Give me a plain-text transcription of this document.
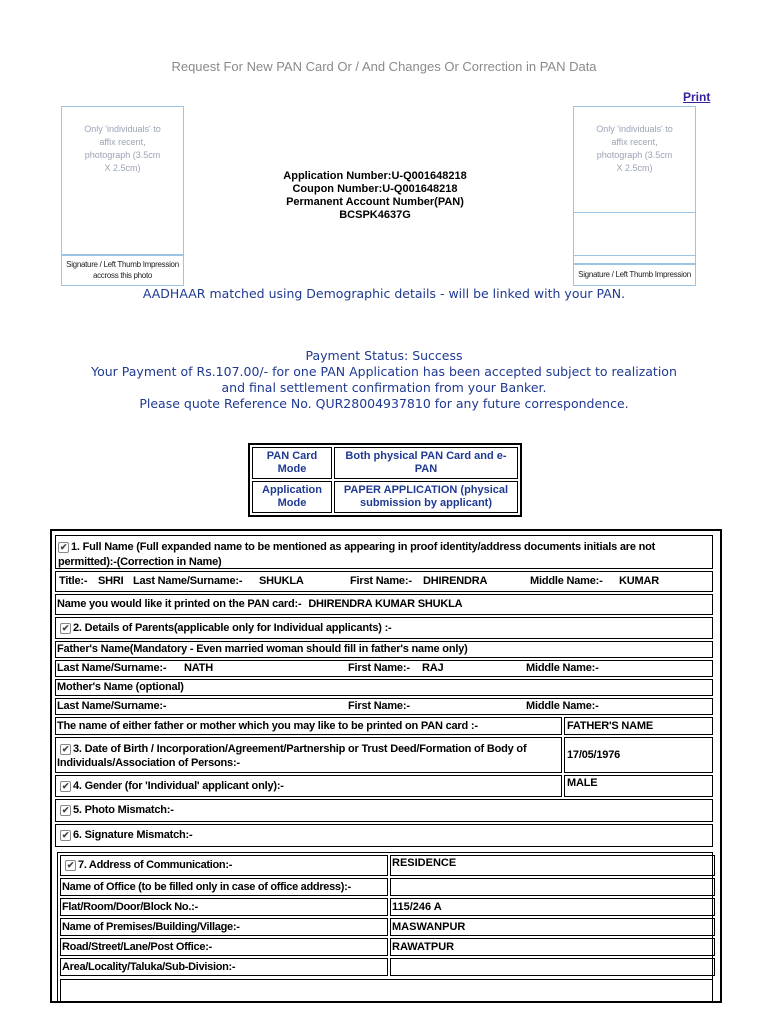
Request For New PAN Card Or / And Changes Or Correction in PAN Data
Print
Only 'individuals' to affix recent, photograph (3.5cm X 2.5cm)
Signature / Left Thumb Impression accross this photo
Only 'individuals' to affix recent, photograph (3.5cm X 2.5cm)
Signature / Left Thumb Impression
Application Number:U-Q001648218
Coupon Number:U-Q001648218
Permanent Account Number(PAN)
BCSPK4637G
AADHAAR matched using Demographic details - will be linked with your PAN.
Payment Status: Success
Your Payment of Rs.107.00/- for one PAN Application has been accepted subject to realization
and final settlement confirmation from your Banker.
Please quote Reference No. QUR28004937810 for any future correspondence.
PAN Card Mode	Both physical PAN Card and e-PAN
Application Mode	PAPER APPLICATION (physical submission by applicant)
✔ 1. Full Name (Full expanded name to be mentioned as appearing in proof identity/address documents initials are not permitted):-(Correction in Name)
Title:- SHRI Last Name/Surname:- SHUKLA	First Name:- DHIRENDRA	Middle Name:- KUMAR
Name you would like it printed on the PAN card:- DHIRENDRA KUMAR SHUKLA
✔ 2. Details of Parents(applicable only for Individual applicants) :-
Father's Name(Mandatory - Even married woman should fill in father's name only)
Last Name/Surname:- NATH	First Name:- RAJ	Middle Name:-
Mother's Name (optional)
Last Name/Surname:-	First Name:-	Middle Name:-
The name of either father or mother which you may like to be printed on PAN card :-	FATHER'S NAME
✔ 3. Date of Birth / Incorporation/Agreement/Partnership or Trust Deed/Formation of Body of Individuals/Association of Persons:-
17/05/1976
✔ 4. Gender (for 'Individual' applicant only):-	MALE
✔ 5. Photo Mismatch:-
✔ 6. Signature Mismatch:-
✔ 7. Address of Communication:-	RESIDENCE
Name of Office (to be filled only in case of office address):-
Flat/Room/Door/Block No.:-	115/246 A
Name of Premises/Building/Village:-	MASWANPUR
Road/Street/Lane/Post Office:-	RAWATPUR
Area/Locality/Taluka/Sub-Division:-
